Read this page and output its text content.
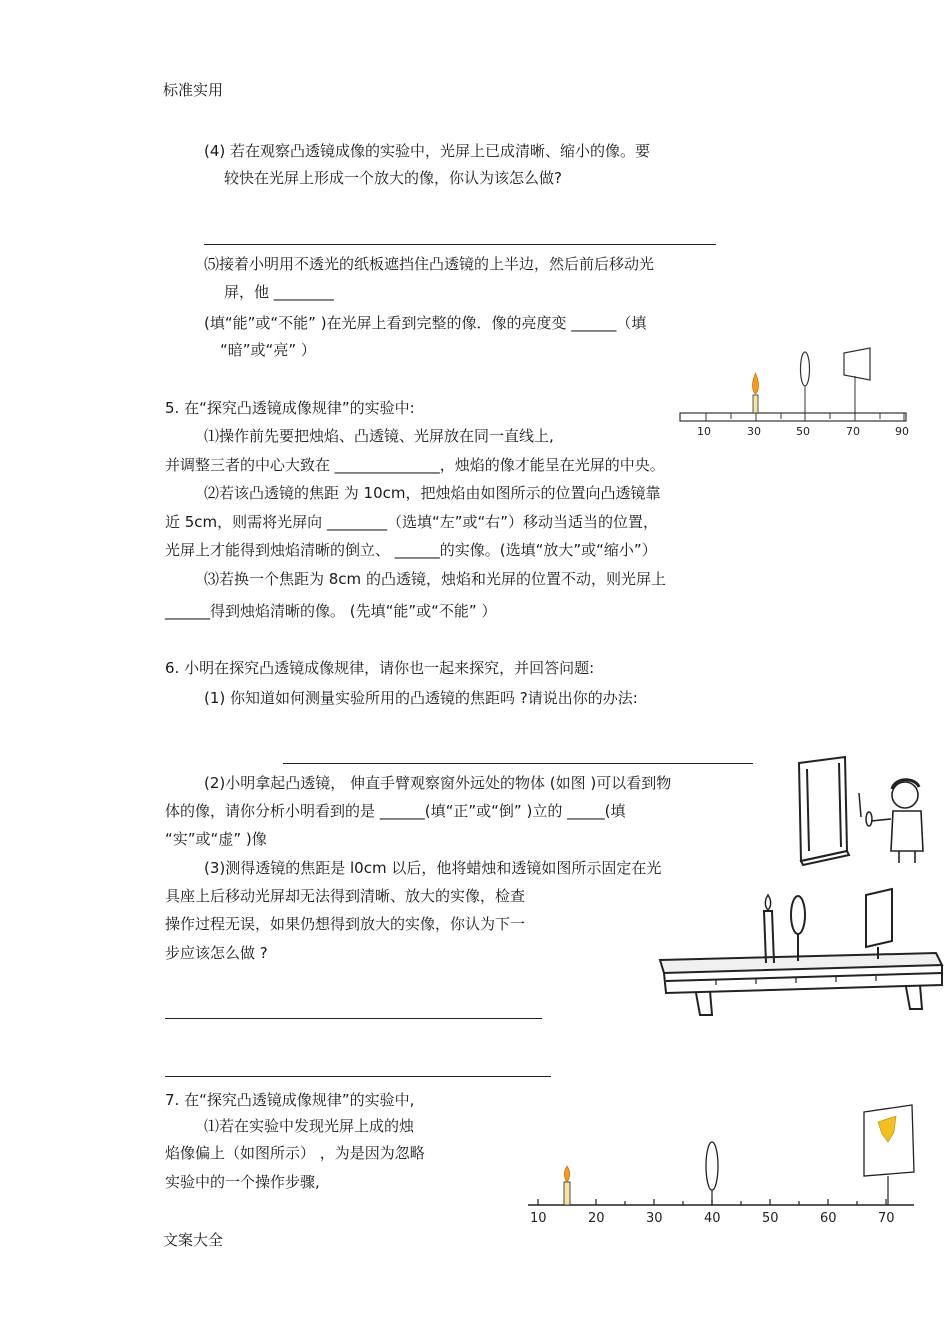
标准实用
文案大全
(4) 若在观察凸透镜成像的实验中，光屏上已成清晰、缩小的像。要
较快在光屏上形成一个放大的像，你认为该怎么做?
⑸接着小明用不透光的纸板遮挡住凸透镜的上半边，然后前后移动光
屏，他 ________
(填“能”或“不能” )在光屏上看到完整的像．像的亮度变 ______（填
“暗”或“亮” ）
5. 在“探究凸透镜成像规律”的实验中:
⑴操作前先要把烛焰、凸透镜、光屏放在同一直线上,
并调整三者的中心大致在 ______________，烛焰的像才能呈在光屏的中央。
⑵若该凸透镜的焦距 为 10cm，把烛焰由如图所示的位置向凸透镜靠
近 5cm，则需将光屏向 ________（选填“左”或“右”）移动当适当的位置，
光屏上才能得到烛焰清晰的倒立、 ______的实像。(选填“放大”或“缩小”）
⑶若换一个焦距为 8cm 的凸透镜，烛焰和光屏的位置不动，则光屏上
______得到烛焰清晰的像。 (先填“能”或“不能” ）
10	30	50	70	90
6. 小明在探究凸透镜成像规律，请你也一起来探究，并回答问题:
(1) 你知道如何测量实验所用的凸透镜的焦距吗 ?请说出你的办法:
(2)小明拿起凸透镜， 伸直手臂观察窗外远处的物体 (如图 )可以看到物
体的像，请你分析小明看到的是 ______(填“正”或“倒” )立的 _____(填
“实”或“虚” )像
(3)测得透镜的焦距是 l0cm 以后，他将蜡烛和透镜如图所示固定在光
具座上后移动光屏却无法得到清晰、放大的实像，检查
操作过程无误，如果仍想得到放大的实像，你认为下一
步应该怎么做 ?
7. 在“探究凸透镜成像规律”的实验中,
⑴若在实验中发现光屏上成的烛
焰像偏上（如图所示） ，为是因为忽略
实验中的一个操作步骤,
10	20	30	40	50	60	70
